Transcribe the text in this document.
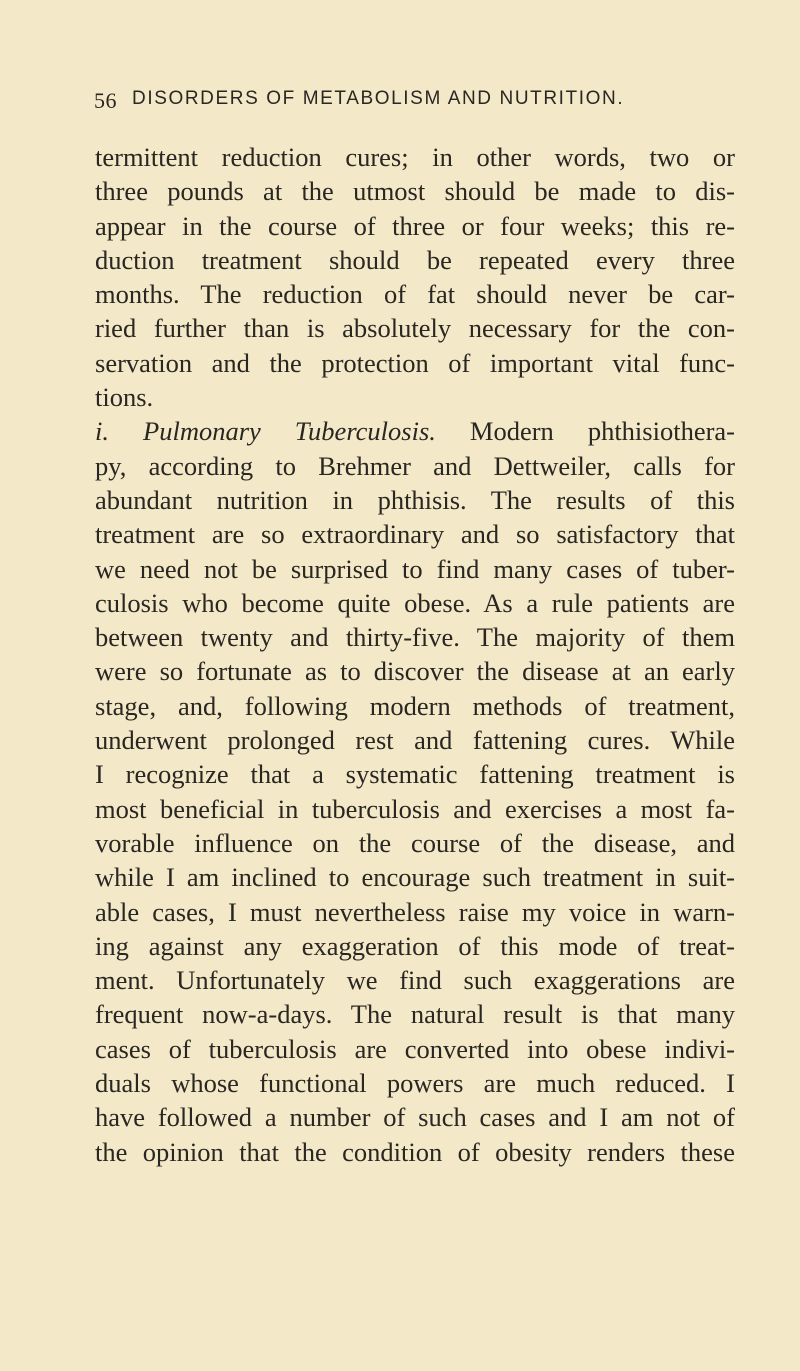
56 DISORDERS OF METABOLISM AND NUTRITION.
termittent reduction cures; in other words, two or
three pounds at the utmost should be made to dis-
appear in the course of three or four weeks; this re-
duction treatment should be repeated every three
months. The reduction of fat should never be car-
ried further than is absolutely necessary for the con-
servation and the protection of important vital func-
tions.
i. Pulmonary Tuberculosis. Modern phthisiothera-
py, according to Brehmer and Dettweiler, calls for
abundant nutrition in phthisis. The results of this
treatment are so extraordinary and so satisfactory that
we need not be surprised to find many cases of tuber-
culosis who become quite obese. As a rule patients are
between twenty and thirty-five. The majority of them
were so fortunate as to discover the disease at an early
stage, and, following modern methods of treatment,
underwent prolonged rest and fattening cures. While
I recognize that a systematic fattening treatment is
most beneficial in tuberculosis and exercises a most fa-
vorable influence on the course of the disease, and
while I am inclined to encourage such treatment in suit-
able cases, I must nevertheless raise my voice in warn-
ing against any exaggeration of this mode of treat-
ment. Unfortunately we find such exaggerations are
frequent now-a-days. The natural result is that many
cases of tuberculosis are converted into obese indivi-
duals whose functional powers are much reduced. I
have followed a number of such cases and I am not of
the opinion that the condition of obesity renders these
